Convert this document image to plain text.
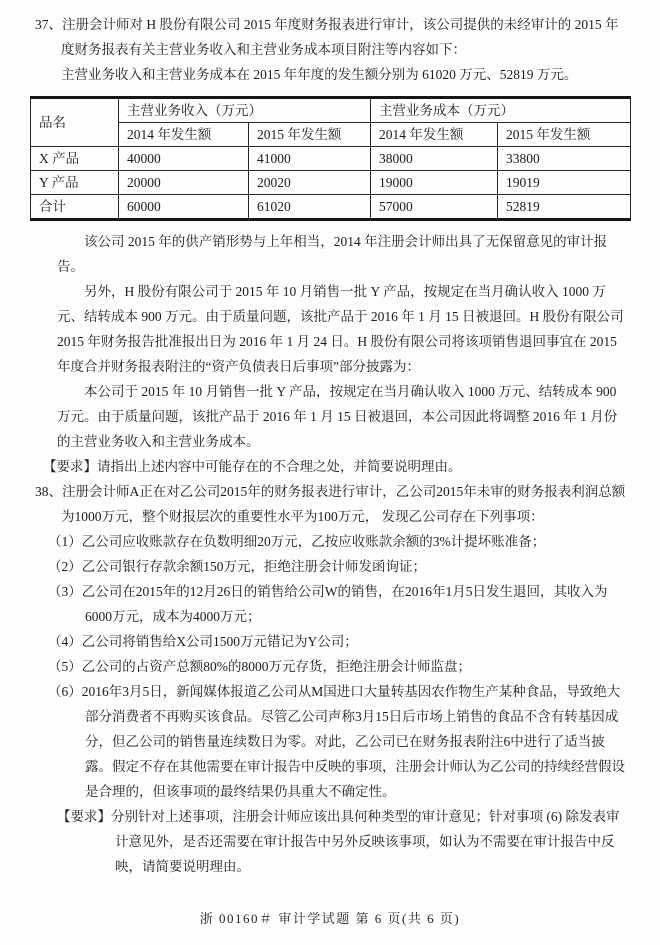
37、注册会计师对 H 股份有限公司 2015 年度财务报表进行审计，该公司提供的未经审计的 2015 年度财务报表有关主营业务收入和主营业务成本项目附注等内容如下：
主营业务收入和主营业务成本在 2015 年年度的发生额分别为 61020 万元、52819 万元。
品名	主营业务收入（万元）		主营业务成本（万元）	
	2014 年发生额	2015 年发生额	2014 年发生额	2015 年发生额
X 产品	40000	41000	38000	33800
Y 产品	20000	20020	19000	19019
合计	60000	61020	57000	52819
该公司 2015 年的供产销形势与上年相当，2014 年注册会计师出具了无保留意见的审计报告。
另外，H 股份有限公司于 2015 年 10 月销售一批 Y 产品，按规定在当月确认收入 1000 万元、结转成本 900 万元。由于质量问题，该批产品于 2016 年 1 月 15 日被退回。H 股份有限公司 2015 年财务报告批准报出日为 2016 年 1 月 24 日。H 股份有限公司将该项销售退回事宜在 2015 年度合并财务报表附注的“资产负债表日后事项”部分披露为：
本公司于 2015 年 10 月销售一批 Y 产品，按规定在当月确认收入 1000 万元、结转成本 900 万元。由于质量问题，该批产品于 2016 年 1 月 15 日被退回，本公司因此将调整 2016 年 1 月份的主营业务收入和主营业务成本。
【要求】请指出上述内容中可能存在的不合理之处，并简要说明理由。
38、注册会计师A正在对乙公司2015年的财务报表进行审计，乙公司2015年未审的财务报表利润总额为1000万元，整个财报层次的重要性水平为100万元， 发现乙公司存在下列事项：
（1）乙公司应收账款存在负数明细20万元，乙按应收账款余额的3%计提坏账准备；
（2）乙公司银行存款余额150万元，拒绝注册会计师发函询证；
（3）乙公司在2015年的12月26日的销售给公司W的销售，在2016年1月5日发生退回，其收入为6000万元，成本为4000万元；
（4）乙公司将销售给X公司1500万元错记为Y公司；
（5）乙公司的占资产总额80%的8000万元存货，拒绝注册会计师监盘；
（6）2016年3月5日，新闻媒体报道乙公司从M国进口大量转基因农作物生产某种食品，导致绝大部分消费者不再购买该食品。尽管乙公司声称3月15日后市场上销售的食品不含有转基因成分，但乙公司的销售量连续数日为零。对此，乙公司已在财务报表附注6中进行了适当披露。假定不存在其他需要在审计报告中反映的事项，注册会计师认为乙公司的持续经营假设是合理的，但该事项的最终结果仍具重大不确定性。
【要求】分别针对上述事项，注册会计师应该出具何种类型的审计意见；针对事项 (6) 除发表审计意见外，是否还需要在审计报告中另外反映该事项，如认为不需要在审计报告中反映，请简要说明理由。
浙 00160＃ 审计学试题 第 6 页(共 6 页)
